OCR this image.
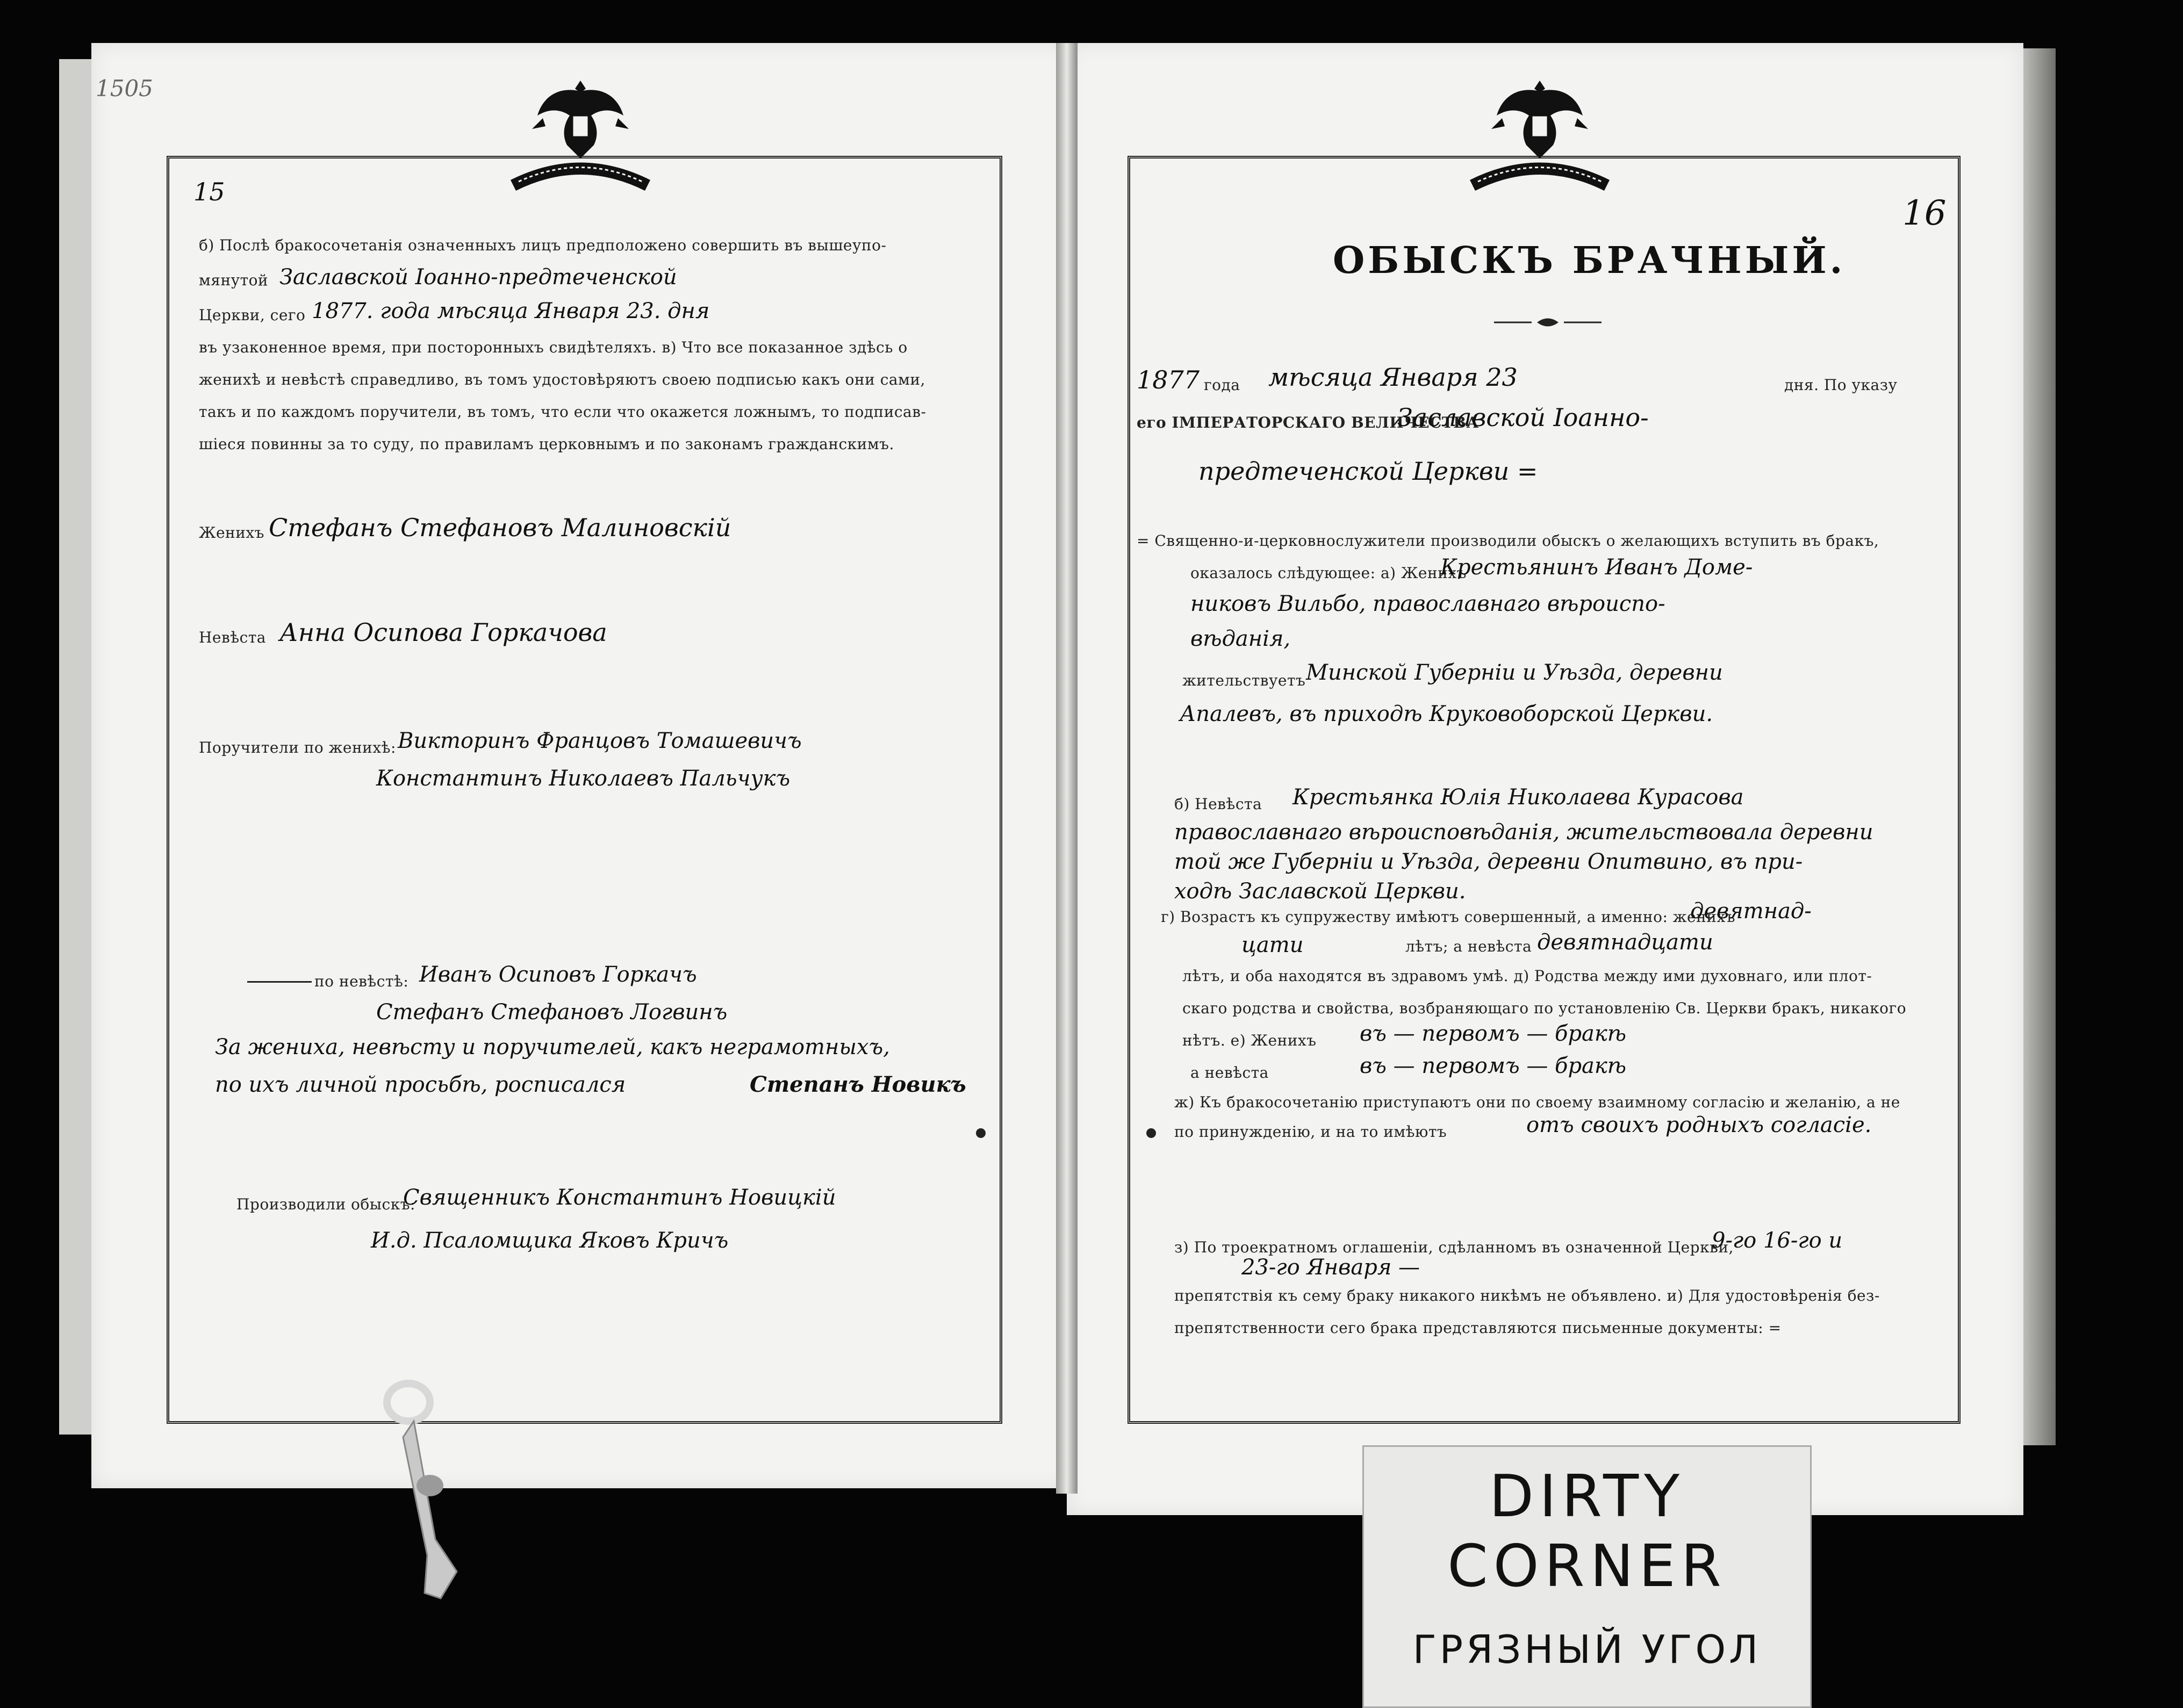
1505
15
16
б) Послѣ бракосочетанія означенныхъ лицъ предположено совершить въ вышеупо-
мянутой Заславской Іоанно-предтеченской
Церкви, сего 1877. года мѣсяца Января 23. дня
въ узаконенное время, при посторонныхъ свидѣтеляхъ. в) Что все показанное здѣсь о
женихѣ и невѣстѣ справедливо, въ томъ удостовѣряютъ своею подписью какъ они сами,
такъ и по каждомъ поручители, въ томъ, что если что окажется ложнымъ, то подписав-
шіеся повинны за то суду, по правиламъ церковнымъ и по законамъ гражданскимъ.
Женихъ Стефанъ Стефановъ Малиновскій
Невѣста Анна Осипова Горкачова
Поручители по женихѣ: Викторинъ Францовъ Томашевичъ
Константинъ Николаевъ Пальчукъ
по невѣстѣ: Иванъ Осиповъ Горкачъ
Стефанъ Стефановъ Логвинъ
За жениха, невѣсту и поручителей, какъ неграмотныхъ,
по ихъ личной просьбѣ, росписался	Степанъ Новикъ
Производили обыскъ:
Священникъ Константинъ Новицкій
И.д. Псаломщика Яковъ Кричъ
ОБЫСКЪ БРАЧНЫЙ.
1877 года мѣсяца Января 23	дня. По указу
его ІМПЕРАТОРСКАГО ВЕЛИЧЕСТВА
Заславской Іоанно-
предтеченской Церкви =
= Священно-и-церковнослужители производили обыскъ о желающихъ вступить въ бракъ,
оказалось слѣдующее: а) Женихъ
Крестьянинъ Иванъ Доме-
никовъ Вильбо, православнаго вѣроиспо-
вѣданія,
жительствуетъ Минской Губерніи и Уѣзда, деревни
Апалевъ, въ приходѣ Круковоборской Церкви.
б) Невѣста Крестьянка Юлія Николаева Курасова
православнаго вѣроисповѣданія, жительствовала деревни
той же Губерніи и Уѣзда, деревни Опитвино, въ при-
ходѣ Заславской Церкви.
г) Возрастъ къ супружеству имѣютъ совершенный, а именно: женихъ
девятнад-
цати	лѣтъ; а невѣста девятнадцати
лѣтъ, и оба находятся въ здравомъ умѣ. д) Родства между ими духовнаго, или плот-
скаго родства и свойства, возбраняющаго по установленію Св. Церкви бракъ, никакого
нѣтъ. е) Женихъ въ — первомъ — бракѣ
а невѣста	въ — первомъ — бракѣ
ж) Къ бракосочетанію приступаютъ они по своему взаимному согласію и желанію, а не
по принужденію, и на то имѣютъ	отъ своихъ родныхъ согласіе.
з) По троекратномъ оглашеніи, сдѣланномъ въ означенной Церкви,
9-го 16-го и
23-го Января —
препятствія къ сему браку никакого никѣмъ не объявлено. и) Для удостовѣренія без-
препятственности сего брака представляются письменные документы: =
DIRTY
CORNER
ГРЯЗНЫЙ УГОЛ
